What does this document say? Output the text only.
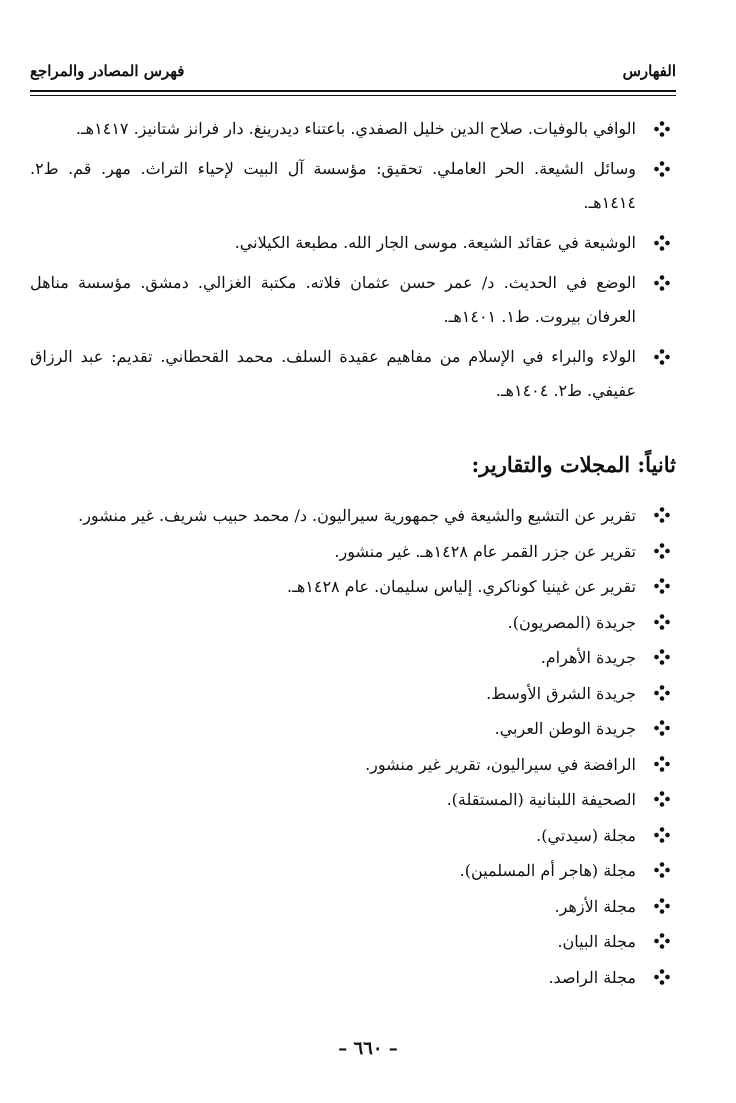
الفهارس
فهرس المصادر والمراجع
الوافي بالوفيات. صلاح الدين خليل الصفدي. باعتناء ديدرينغ. دار فرانز شتانيز. ١٤١٧هـ.
وسائل الشيعة. الحر العاملي. تحقيق: مؤسسة آل البيت لإحياء التراث. مهر. قم. ط٢. ١٤١٤هـ.
الوشيعة في عقائد الشيعة. موسى الجار الله. مطبعة الكيلاني.
الوضع في الحديث. د/ عمر حسن عثمان فلاته. مكتبة الغزالي. دمشق. مؤسسة مناهل العرفان بيروت. ط١. ١٤٠١هـ.
الولاء والبراء في الإسلام من مفاهيم عقيدة السلف. محمد القحطاني. تقديم: عبد الرزاق عفيفي. ط٢. ١٤٠٤هـ.
ثانياً: المجلات والتقارير:
تقرير عن التشيع والشيعة في جمهورية سيراليون. د/ محمد حبيب شريف. غير منشور.
تقرير عن جزر القمر عام ١٤٢٨هـ. غير منشور.
تقرير عن غينيا كوناكري. إلياس سليمان. عام ١٤٢٨هـ.
جريدة (المصريون).
جريدة الأهرام.
جريدة الشرق الأوسط.
جريدة الوطن العربي.
الرافضة في سيراليون، تقرير غير منشور.
الصحيفة اللبنانية (المستقلة).
مجلة (سيدتي).
مجلة (هاجر أم المسلمين).
مجلة الأزهر.
مجلة البيان.
مجلة الراصد.
– ٦٦٠ –
